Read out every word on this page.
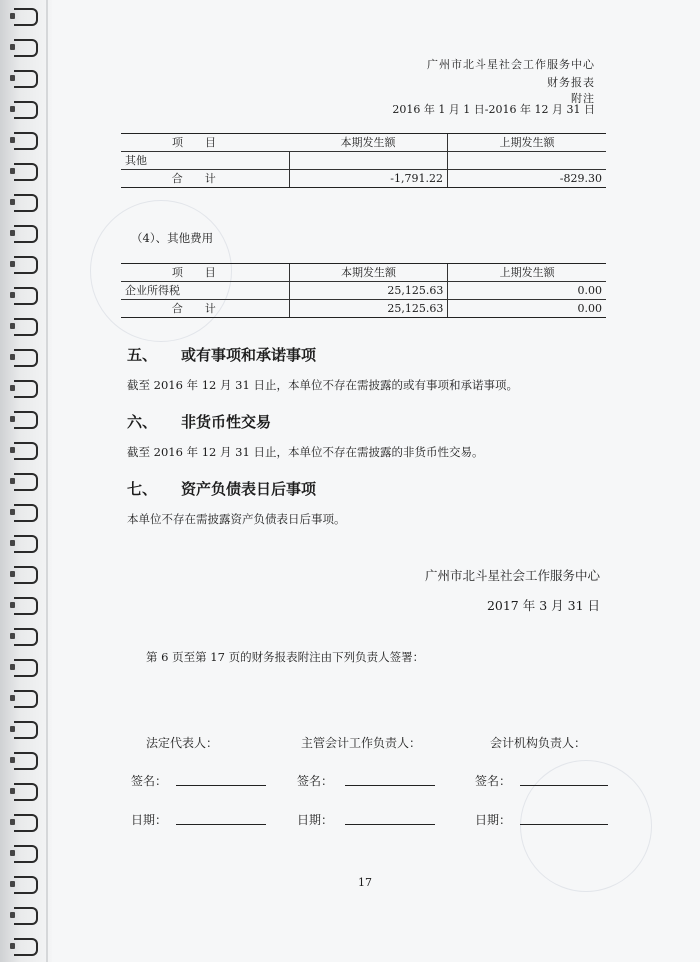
广州市北斗星社会工作服务中心
财务报表
附注
2016 年 1 月 1 日-2016 年 12 月 31 日
项目	本期发生额	上期发生额
其他		
合计	-1,791.22	-829.30
（4）、其他费用
项目	本期发生额	上期发生额
企业所得税	25,125.63	0.00
合计	25,125.63	0.00
五、 或有事项和承诺事项
截至 2016 年 12 月 31 日止，本单位不存在需披露的或有事项和承诺事项。
六、 非货币性交易
截至 2016 年 12 月 31 日止，本单位不存在需披露的非货币性交易。
七、 资产负债表日后事项
本单位不存在需披露资产负债表日后事项。
广州市北斗星社会工作服务中心
2017 年 3 月 31 日
第 6 页至第 17 页的财务报表附注由下列负责人签署：
法定代表人：	主管会计工作负责人：	会计机构负责人：
签名：	签名：	签名：
日期：	日期：	日期：
17
